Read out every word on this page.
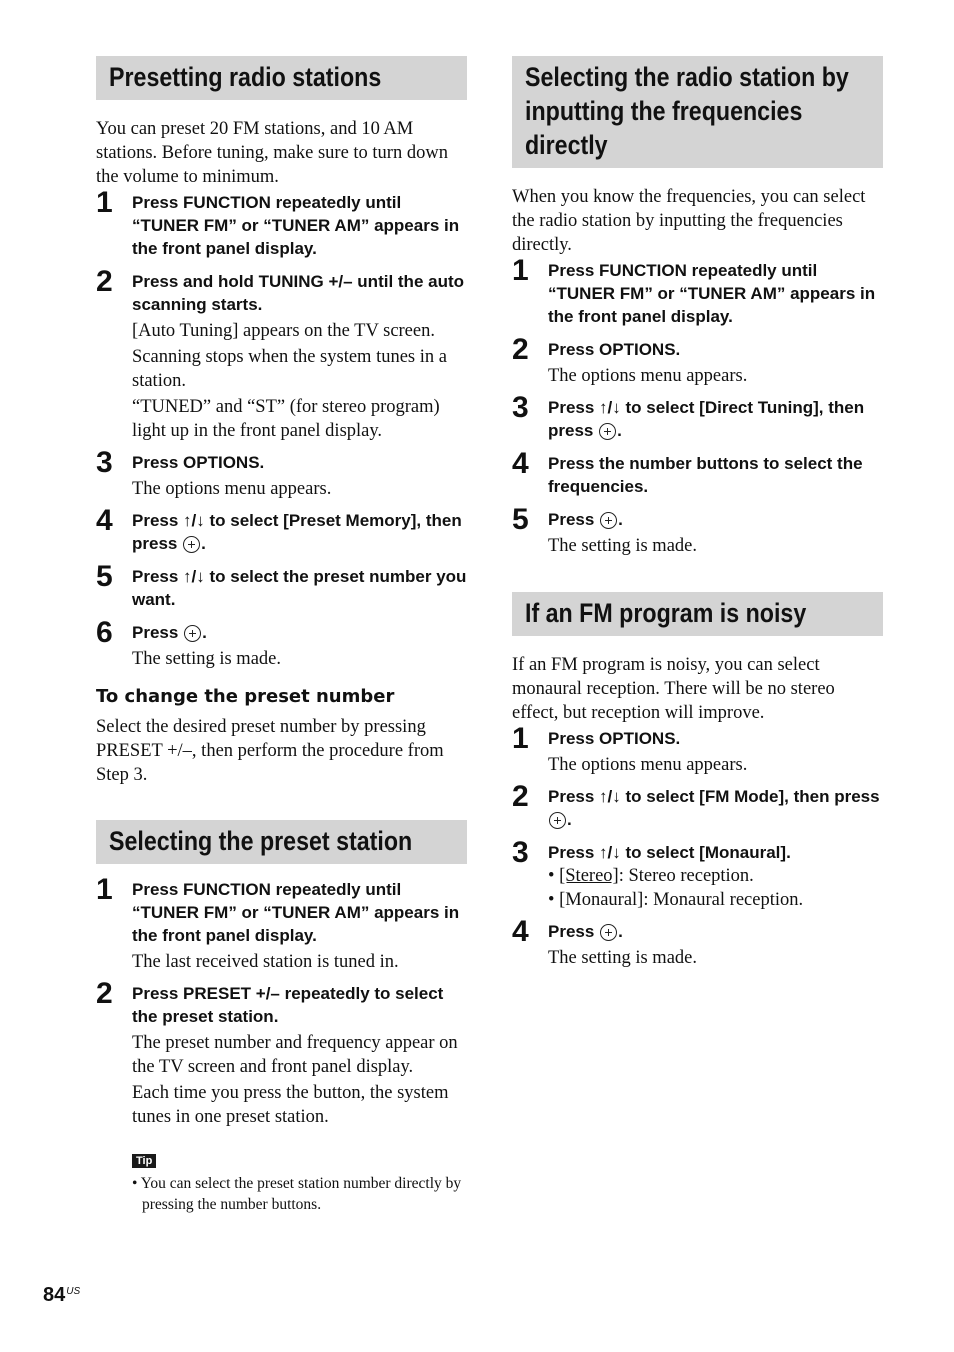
Presetting radio stations

You can preset 20 FM stations, and 10 AM stations. Before tuning, make sure to turn down the volume to minimum.

1 Press FUNCTION repeatedly until “TUNER FM” or “TUNER AM” appears in the front panel display.
2 Press and hold TUNING +/– until the auto scanning starts.

[Auto Tuning] appears on the TV screen.

Scanning stops when the system tunes in a station.

“TUNED” and “ST” (for stereo program) light up in the front panel display.

3 Press OPTIONS.

The options menu appears.

4 Press ↑/↓ to select [Preset Memory], then press .
5 Press ↑/↓ to select the preset number you want.
6 Press .

The setting is made.

To change the preset number

Select the desired preset number by pressing PRESET +/–, then perform the procedure from Step 3.

Selecting the preset station
1 Press FUNCTION repeatedly until “TUNER FM” or “TUNER AM” appears in the front panel display.

The last received station is tuned in.

2 Press PRESET +/– repeatedly to select the preset station.

The preset number and frequency appear on the TV screen and front panel display.

Each time you press the button, the system tunes in one preset station.

Tip
• You can select the preset station number directly by pressing the number buttons.
Selecting the radio station by
inputting the frequencies
directly

When you know the frequencies, you can select the radio station by inputting the frequencies directly.

1 Press FUNCTION repeatedly until “TUNER FM” or “TUNER AM” appears in the front panel display.
2 Press OPTIONS.

The options menu appears.

3 Press ↑/↓ to select [Direct Tuning], then press .
4 Press the number buttons to select the frequencies.
5 Press .

The setting is made.

If an FM program is noisy

If an FM program is noisy, you can select monaural reception. There will be no stereo effect, but reception will improve.

1 Press OPTIONS.

The options menu appears.

2 Press ↑/↓ to select [FM Mode], then press .
3 Press ↑/↓ to select [Monaural].
• [Stereo]: Stereo reception.
• [Monaural]: Monaural reception.
4 Press .

The setting is made.

$84^{US}$
